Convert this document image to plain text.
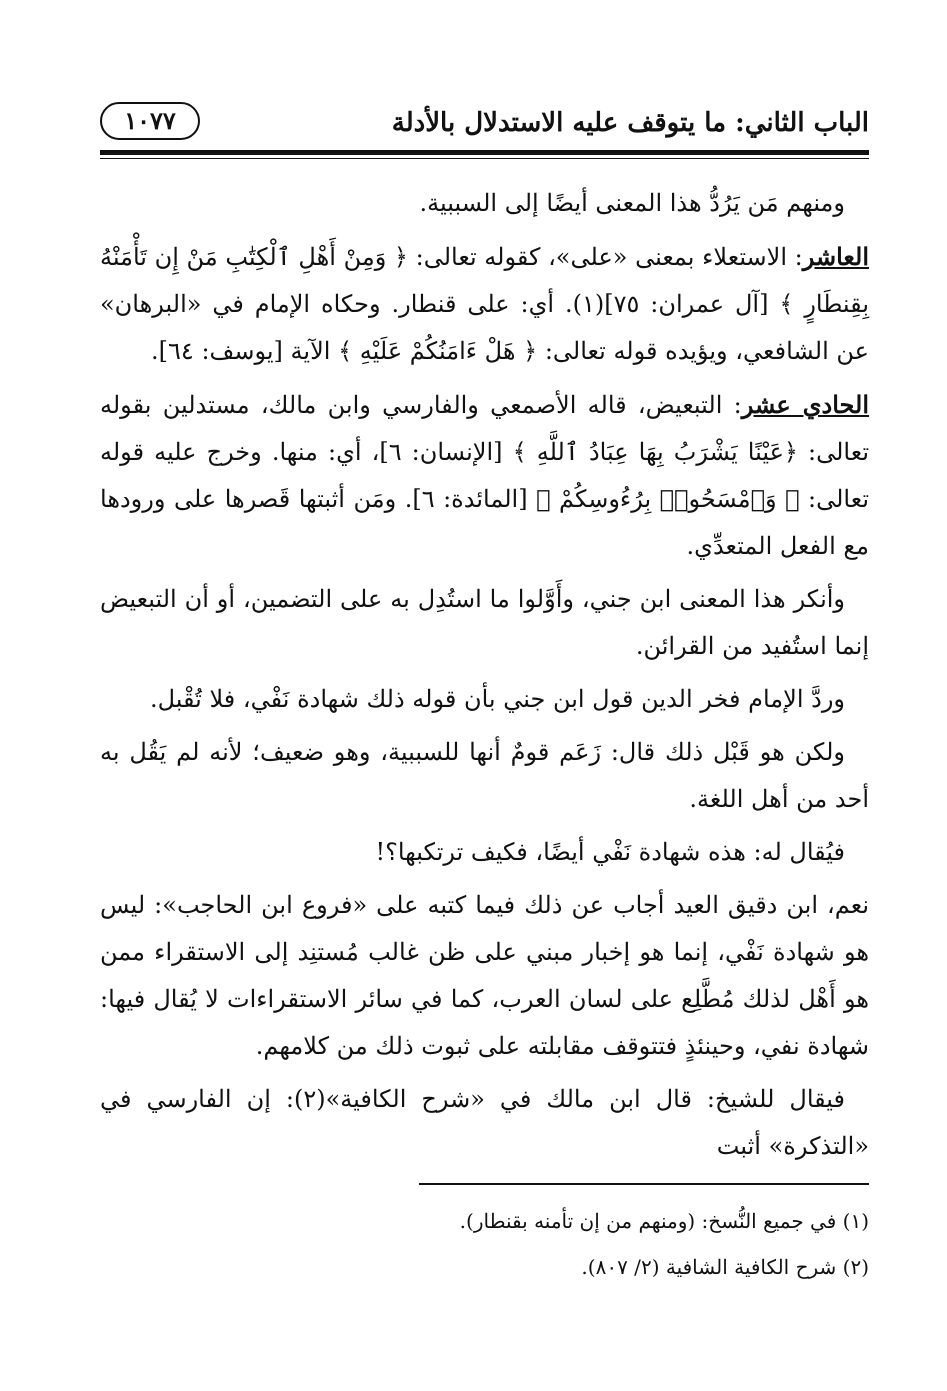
الباب الثاني: ما يتوقف عليه الاستدلال بالأدلة
١٠٧٧

ومنهم مَن يَرُدُّ هذا المعنى أيضًا إلى السببية.

العاشر: الاستعلاء بمعنى «على»، كقوله تعالى: ﴿ وَمِنْ أَهْلِ ٱلْكِتَٰبِ مَنْ إِن تَأْمَنْهُ بِقِنطَارٍ ﴾ [آل عمران: ٧٥](١). أي: على قنطار. وحكاه الإمام في «البرهان» عن الشافعي، ويؤيده قوله تعالى: ﴿ هَلْ ءَامَنُكُمْ عَلَيْهِ ﴾ الآية [يوسف: ٦٤].

الحادي عشر: التبعيض، قاله الأصمعي والفارسي وابن مالك، مستدلين بقوله تعالى: ﴿عَيْنًا يَشْرَبُ بِهَا عِبَادُ ٱللَّهِ ﴾ [الإنسان: ٦]، أي: منها. وخرج عليه قوله تعالى: ﴿ وَٱمْسَحُوا۟ بِرُءُوسِكُمْ ﴾ [المائدة: ٦]. ومَن أثبتها قَصرها على ورودها مع الفعل المتعدِّي.

وأنكر هذا المعنى ابن جني، وأَوَّلوا ما استُدِل به على التضمين، أو أن التبعيض إنما استُفيد من القرائن.

وردَّ الإمام فخر الدين قول ابن جني بأن قوله ذلك شهادة نَفْي، فلا تُقْبل.

ولكن هو قَبْل ذلك قال: زَعَم قومٌ أنها للسببية، وهو ضعيف؛ لأنه لم يَقُل به أحد من أهل اللغة.

فيُقال له: هذه شهادة نَفْي أيضًا، فكيف ترتكبها؟!

نعم، ابن دقيق العيد أجاب عن ذلك فيما كتبه على «فروع ابن الحاجب»: ليس هو شهادة نَفْي، إنما هو إخبار مبني على ظن غالب مُستنِد إلى الاستقراء ممن هو أَهْل لذلك مُطَّلِع على لسان العرب، كما في سائر الاستقراءات لا يُقال فيها: شهادة نفي، وحينئذٍ فتتوقف مقابلته على ثبوت ذلك من كلامهم.

فيقال للشيخ: قال ابن مالك في «شرح الكافية»(٢): إن الفارسي في «التذكرة» أثبت

(١) في جميع النُّسخ: (ومنهم من إن تأمنه بقنطار).

(٢) شرح الكافية الشافية (٢/ ٨٠٧).
